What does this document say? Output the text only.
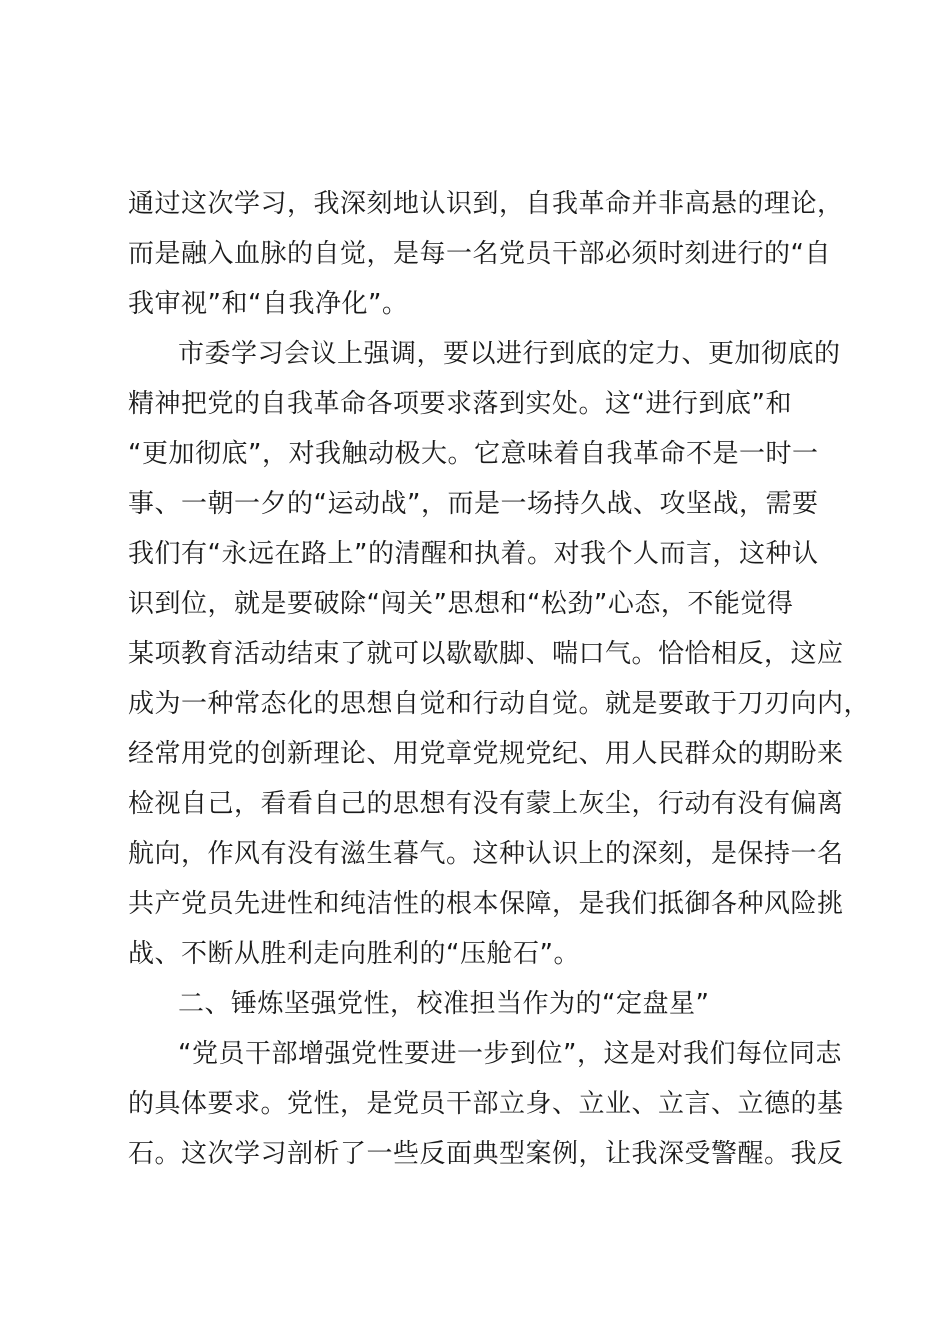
通过这次学习，我深刻地认识到，自我革命并非高悬的理论，
而是融入血脉的自觉，是每一名党员干部必须时刻进行的“自
我审视”和“自我净化”。
市委学习会议上强调，要以进行到底的定力、更加彻底的
精神把党的自我革命各项要求落到实处。这“进行到底”和
“更加彻底”，对我触动极大。它意味着自我革命不是一时一
事、一朝一夕的“运动战”，而是一场持久战、攻坚战，需要
我们有“永远在路上”的清醒和执着。对我个人而言，这种认
识到位，就是要破除“闯关”思想和“松劲”心态，不能觉得
某项教育活动结束了就可以歇歇脚、喘口气。恰恰相反，这应
成为一种常态化的思想自觉和行动自觉。就是要敢于刀刃向内，
经常用党的创新理论、用党章党规党纪、用人民群众的期盼来
检视自己，看看自己的思想有没有蒙上灰尘，行动有没有偏离
航向，作风有没有滋生暮气。这种认识上的深刻，是保持一名
共产党员先进性和纯洁性的根本保障，是我们抵御各种风险挑
战、不断从胜利走向胜利的“压舱石”。
二、锤炼坚强党性，校准担当作为的“定盘星”
“党员干部增强党性要进一步到位”，这是对我们每位同志
的具体要求。党性，是党员干部立身、立业、立言、立德的基
石。这次学习剖析了一些反面典型案例，让我深受警醒。我反
